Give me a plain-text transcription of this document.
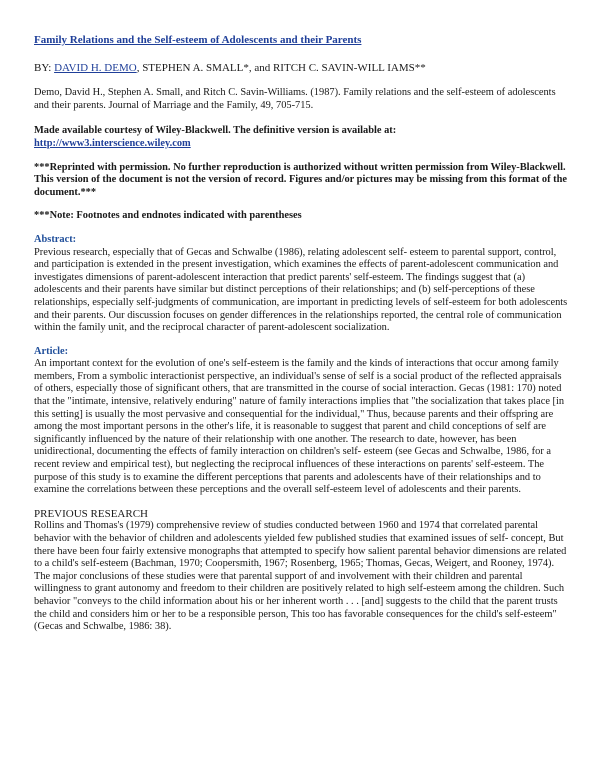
Family Relations and the Self-esteem of Adolescents and their Parents

BY: DAVID H. DEMO, STEPHEN A. SMALL*, and RITCH C. SAVIN-WILL IAMS**

Demo, David H., Stephen A. Small, and Ritch C. Savin-Williams. (1987). Family relations and the self-esteem of adolescents and their parents. Journal of Marriage and the Family, 49, 705-715.

Made available courtesy of Wiley-Blackwell. The definitive version is available at:

http://www3.interscience.wiley.com

***Reprinted with permission. No further reproduction is authorized without written permission from Wiley-Blackwell. This version of the document is not the version of record. Figures and/or pictures may be missing from this format of the document.***

***Note: Footnotes and endnotes indicated with parentheses

Abstract:

Previous research, especially that of Gecas and Schwalbe (1986), relating adolescent self- esteem to parental support, control, and participation is extended in the present investigation, which examines the effects of parent-adolescent communication and investigates dimensions of parent-adolescent interaction that predict parents' self-esteem. The findings suggest that (a) adolescents and their parents have similar but distinct perceptions of their relationships; and (b) self-perceptions of these relationships, especially self-judgments of communication, are important in predicting levels of self-esteem for both adolescents and their parents. Our discussion focuses on gender differences in the relationships reported, the central role of communication within the family unit, and the reciprocal character of parent-adolescent socialization.

Article:

An important context for the evolution of one's self-esteem is the family and the kinds of interactions that occur among family members, From a symbolic interactionist perspective, an individual's sense of self is a social product of the reflected appraisals of others, especially those of significant others, that are transmitted in the course of social interaction. Gecas (1981: 170) noted that the "intimate, intensive, relatively enduring" nature of family interactions implies that "the socialization that takes place [in this setting] is usually the most pervasive and consequential for the individual," Thus, because parents and their offspring are among the most important persons in the other's life, it is reasonable to suggest that parent and child conceptions of self are significantly influenced by the nature of their relationship with one another. The research to date, however, has been unidirectional, documenting the effects of family interaction on children's self- esteem (see Gecas and Schwalbe, 1986, for a recent review and empirical test), but neglecting the reciprocal influences of these interactions on parents' self-esteem. The purpose of this study is to examine the different perceptions that parents and adolescents have of their relationships and to examine the correlations between these perceptions and the overall self-esteem level of adolescents and their parents.

PREVIOUS RESEARCH

Rollins and Thomas's (1979) comprehensive review of studies conducted between 1960 and 1974 that correlated parental behavior with the behavior of children and adolescents yielded few published studies that examined issues of self- concept, But there have been four fairly extensive monographs that attempted to specify how salient parental behavior dimensions are related to a child's self-esteem (Bachman, 1970; Coopersmith, 1967; Rosenberg, 1965; Thomas, Gecas, Weigert, and Rooney, 1974). The major conclusions of these studies were that parental support of and involvement with their children and parental willingness to grant autonomy and freedom to their children are positively related to high self-esteem among the children. Such behavior "conveys to the child information about his or her inherent worth . . . [and] suggests to the child that the parent trusts the child and considers him or her to be a responsible person, This too has favorable consequences for the child's self-esteem" (Gecas and Schwalbe, 1986: 38).
